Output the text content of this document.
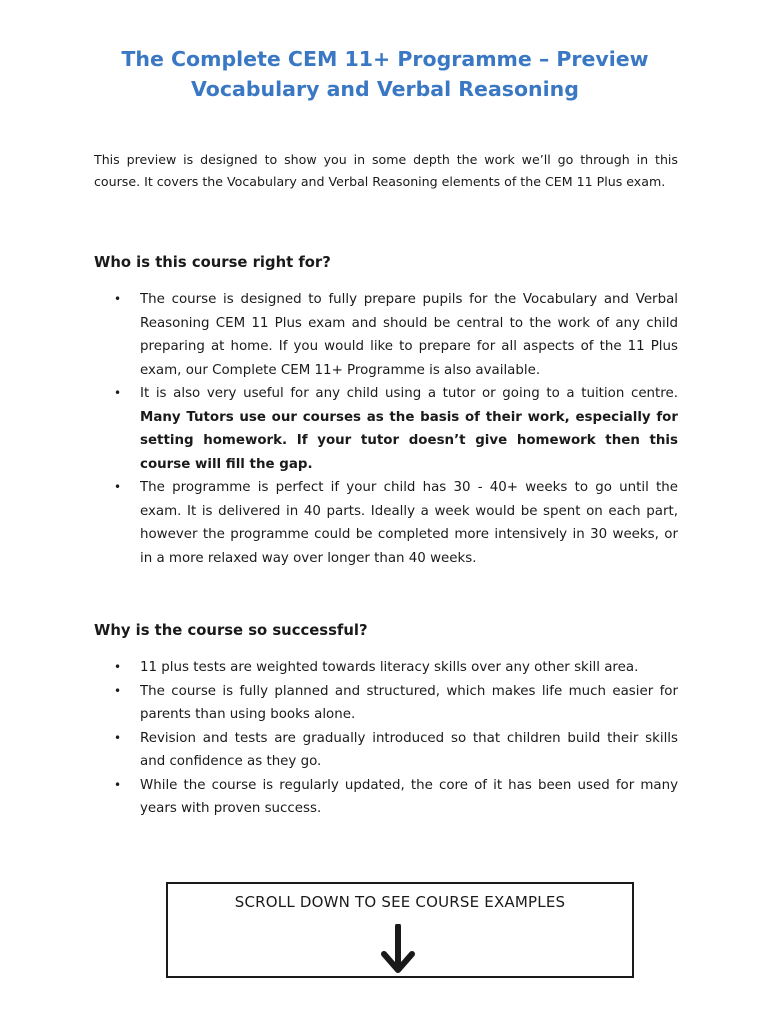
The Complete CEM 11+ Programme – Preview
Vocabulary and Verbal Reasoning

This preview is designed to show you in some depth the work we’ll go through in this course. It covers the Vocabulary and Verbal Reasoning elements of the CEM 11 Plus exam.

Who is this course right for?
• The course is designed to fully prepare pupils for the Vocabulary and Verbal Reasoning CEM 11 Plus exam and should be central to the work of any child preparing at home. If you would like to prepare for all aspects of the 11 Plus exam, our Complete CEM 11+ Programme is also available.
• It is also very useful for any child using a tutor or going to a tuition centre. Many Tutors use our courses as the basis of their work, especially for setting homework. If your tutor doesn’t give homework then this course will fill the gap.
• The programme is perfect if your child has 30 - 40+ weeks to go until the exam. It is delivered in 40 parts. Ideally a week would be spent on each part, however the programme could be completed more intensively in 30 weeks, or in a more relaxed way over longer than 40 weeks.
Why is the course so successful?
• 11 plus tests are weighted towards literacy skills over any other skill area.
• The course is fully planned and structured, which makes life much easier for parents than using books alone.
• Revision and tests are gradually introduced so that children build their skills and confidence as they go.
• While the course is regularly updated, the core of it has been used for many years with proven success.
SCROLL DOWN TO SEE COURSE EXAMPLES
